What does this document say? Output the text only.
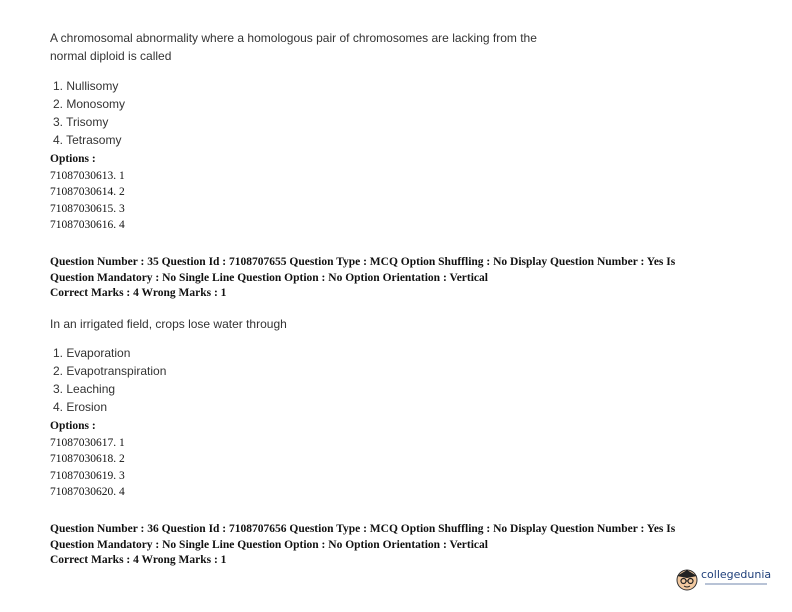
A chromosomal abnormality where a homologous pair of chromosomes are lacking from the normal diploid is called
1. Nullisomy
2. Monosomy
3. Trisomy
4. Tetrasomy
Options :
71087030613. 1
71087030614. 2
71087030615. 3
71087030616. 4
Question Number : 35 Question Id : 7108707655 Question Type : MCQ Option Shuffling : No Display Question Number : Yes Is
Question Mandatory : No Single Line Question Option : No Option Orientation : Vertical
Correct Marks : 4 Wrong Marks : 1
In an irrigated field, crops lose water through
1. Evaporation
2. Evapotranspiration
3. Leaching
4. Erosion
Options :
71087030617. 1
71087030618. 2
71087030619. 3
71087030620. 4
Question Number : 36 Question Id : 7108707656 Question Type : MCQ Option Shuffling : No Display Question Number : Yes Is
Question Mandatory : No Single Line Question Option : No Option Orientation : Vertical
Correct Marks : 4 Wrong Marks : 1
collegedunia
